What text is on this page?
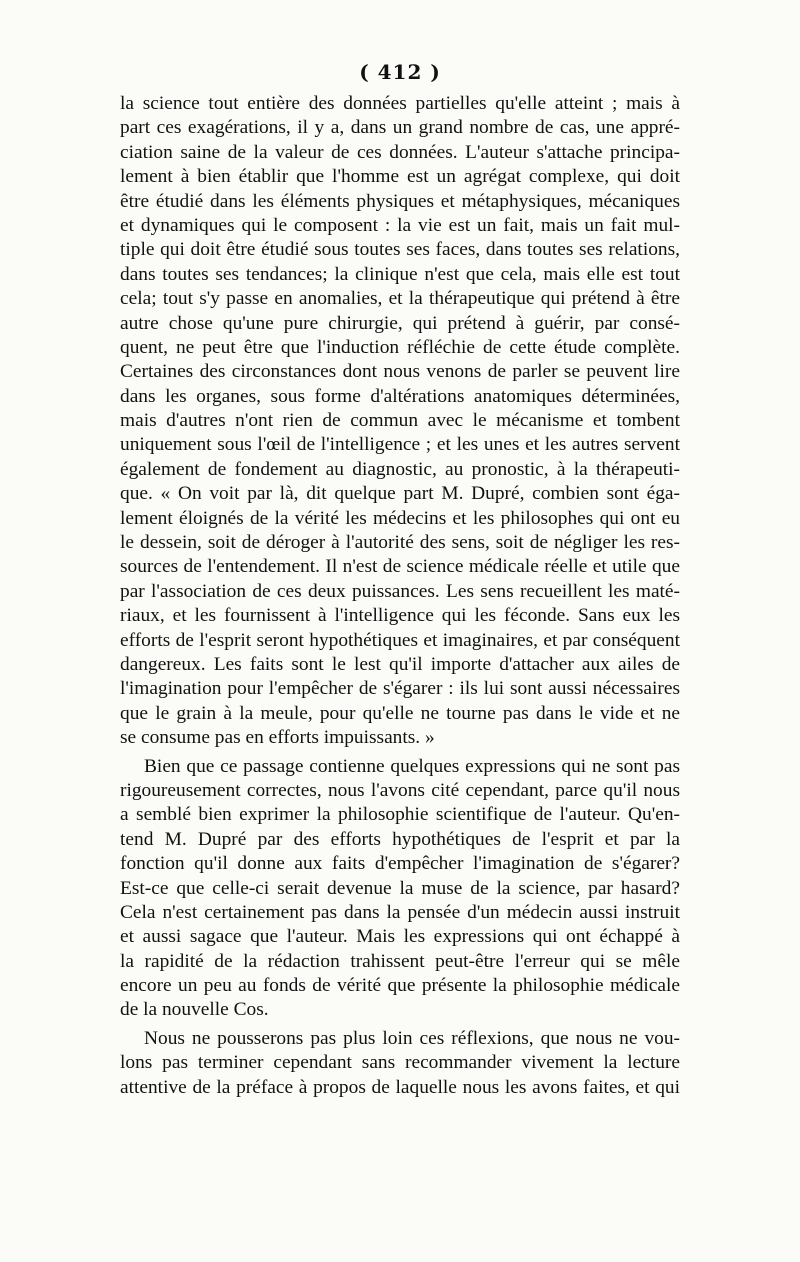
( 412 )
la science tout entière des données partielles qu'elle atteint ; mais à
part ces exagérations, il y a, dans un grand nombre de cas, une appré-
ciation saine de la valeur de ces données. L'auteur s'attache principa-
lement à bien établir que l'homme est un agrégat complexe, qui doit
être étudié dans les éléments physiques et métaphysiques, mécaniques
et dynamiques qui le composent : la vie est un fait, mais un fait mul-
tiple qui doit être étudié sous toutes ses faces, dans toutes ses relations,
dans toutes ses tendances; la clinique n'est que cela, mais elle est tout
cela; tout s'y passe en anomalies, et la thérapeutique qui prétend à être
autre chose qu'une pure chirurgie, qui prétend à guérir, par consé-
quent, ne peut être que l'induction réfléchie de cette étude complète.
Certaines des circonstances dont nous venons de parler se peuvent lire
dans les organes, sous forme d'altérations anatomiques déterminées,
mais d'autres n'ont rien de commun avec le mécanisme et tombent
uniquement sous l'œil de l'intelligence ; et les unes et les autres servent
également de fondement au diagnostic, au pronostic, à la thérapeuti-
que. « On voit par là, dit quelque part M. Dupré, combien sont éga-
lement éloignés de la vérité les médecins et les philosophes qui ont eu
le dessein, soit de déroger à l'autorité des sens, soit de négliger les res-
sources de l'entendement. Il n'est de science médicale réelle et utile que
par l'association de ces deux puissances. Les sens recueillent les maté-
riaux, et les fournissent à l'intelligence qui les féconde. Sans eux les
efforts de l'esprit seront hypothétiques et imaginaires, et par conséquent
dangereux. Les faits sont le lest qu'il importe d'attacher aux ailes de
l'imagination pour l'empêcher de s'égarer : ils lui sont aussi nécessaires
que le grain à la meule, pour qu'elle ne tourne pas dans le vide et ne
se consume pas en efforts impuissants. »
Bien que ce passage contienne quelques expressions qui ne sont pas
rigoureusement correctes, nous l'avons cité cependant, parce qu'il nous
a semblé bien exprimer la philosophie scientifique de l'auteur. Qu'en-
tend M. Dupré par des efforts hypothétiques de l'esprit et par la
fonction qu'il donne aux faits d'empêcher l'imagination de s'égarer?
Est-ce que celle-ci serait devenue la muse de la science, par hasard?
Cela n'est certainement pas dans la pensée d'un médecin aussi instruit
et aussi sagace que l'auteur. Mais les expressions qui ont échappé à
la rapidité de la rédaction trahissent peut-être l'erreur qui se mêle
encore un peu au fonds de vérité que présente la philosophie médicale
de la nouvelle Cos.
Nous ne pousserons pas plus loin ces réflexions, que nous ne vou-
lons pas terminer cependant sans recommander vivement la lecture
attentive de la préface à propos de laquelle nous les avons faites, et qui
